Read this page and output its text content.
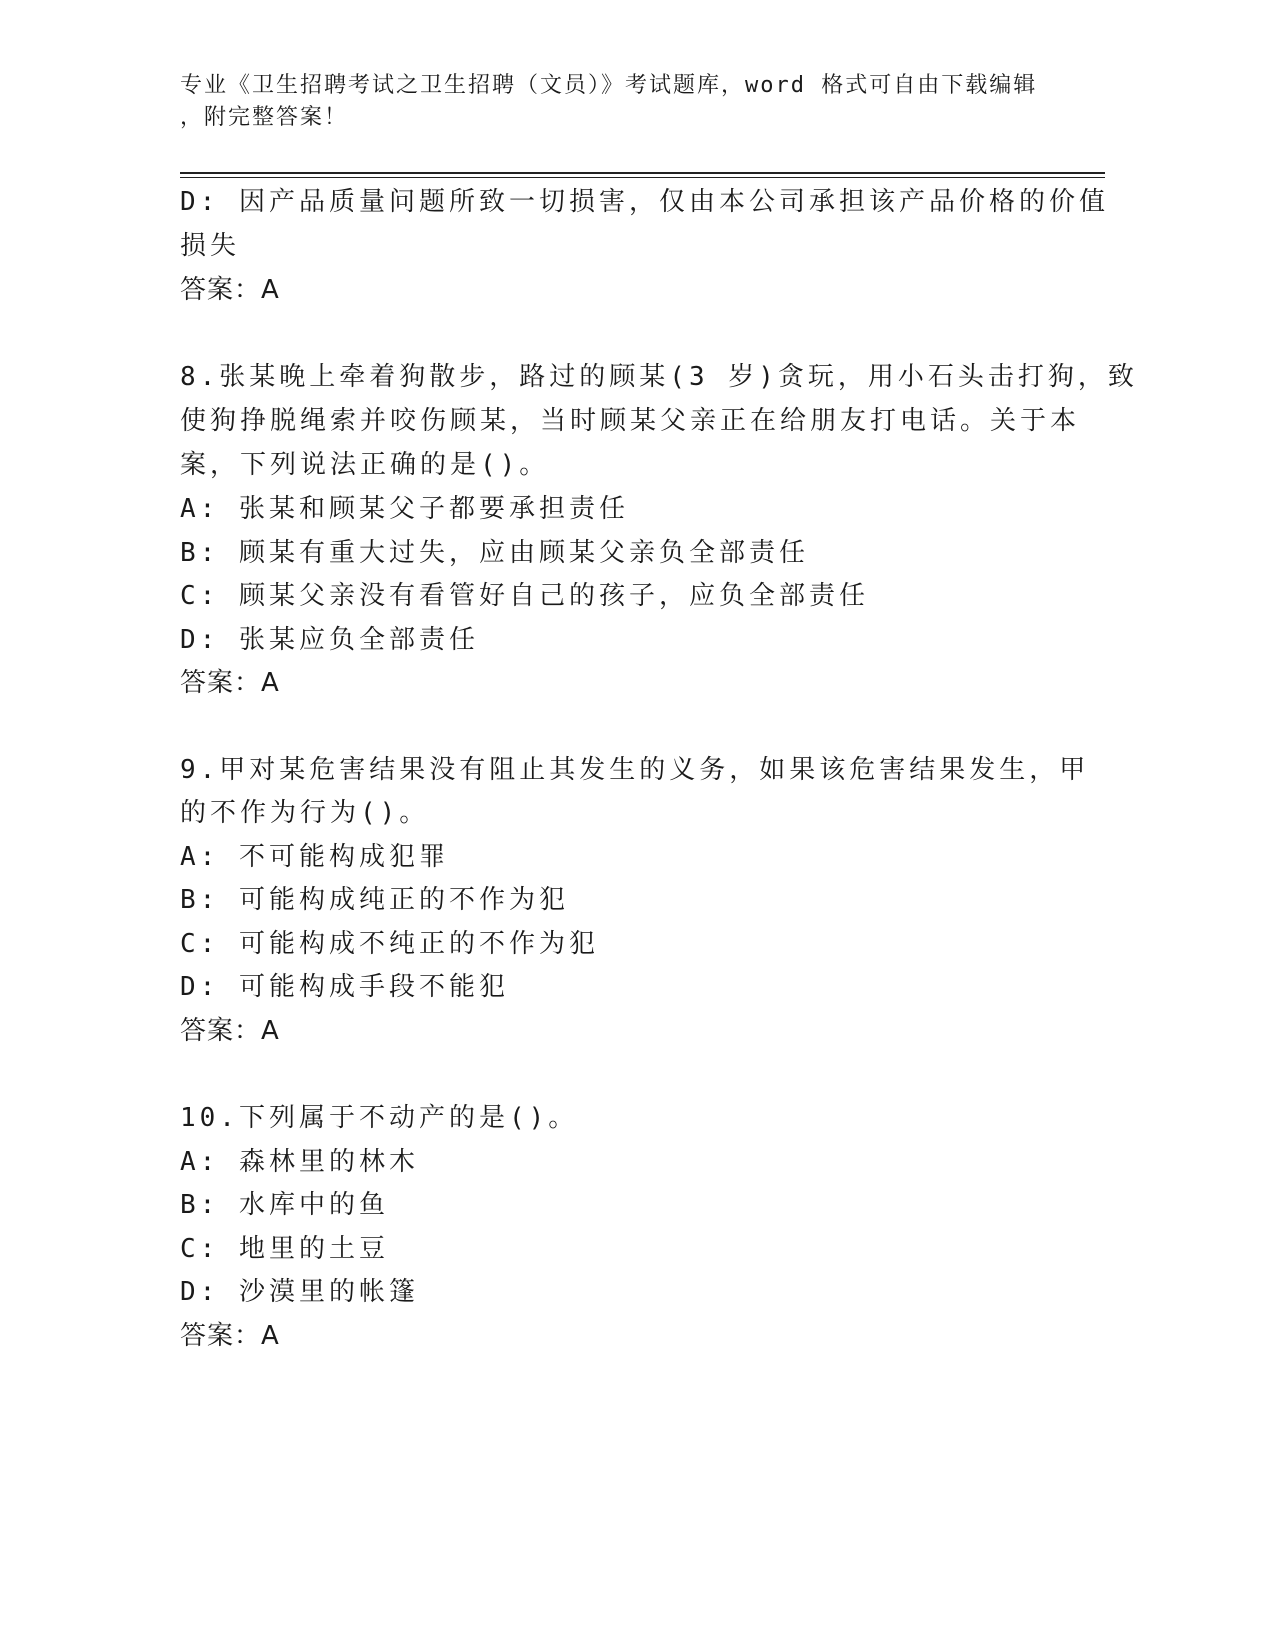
专业《卫生招聘考试之卫生招聘（文员）》考试题库，word 格式可自由下载编辑
，附完整答案！
D: 因产品质量问题所致一切损害，仅由本公司承担该产品价格的价值
损失
答案：A
8.张某晚上牵着狗散步，路过的顾某(3 岁)贪玩，用小石头击打狗，致
使狗挣脱绳索并咬伤顾某，当时顾某父亲正在给朋友打电话。关于本
案，下列说法正确的是()。
A: 张某和顾某父子都要承担责任
B: 顾某有重大过失，应由顾某父亲负全部责任
C: 顾某父亲没有看管好自己的孩子，应负全部责任
D: 张某应负全部责任
答案：A
9.甲对某危害结果没有阻止其发生的义务，如果该危害结果发生，甲
的不作为行为()。
A: 不可能构成犯罪
B: 可能构成纯正的不作为犯
C: 可能构成不纯正的不作为犯
D: 可能构成手段不能犯
答案：A
10.下列属于不动产的是()。
A: 森林里的林木
B: 水库中的鱼
C: 地里的土豆
D: 沙漠里的帐篷
答案：A
